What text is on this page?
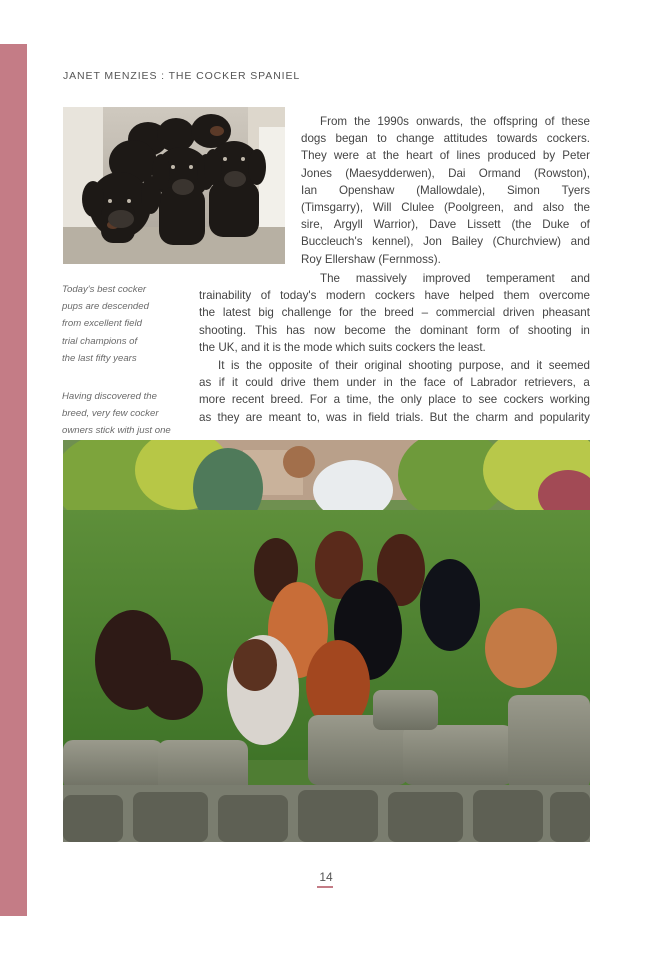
JANET MENZIES : THE COCKER SPANIEL
Today's best cocker
pups are descended
from excellent field
trial champions of
the last fifty years
Having discovered the
breed, very few cocker
owners stick with just one
From the 1990s onwards, the offspring of these
dogs began to change attitudes towards cockers.
They were at the heart of lines produced by Peter
Jones (Maesydderwen), Dai Ormand (Rowston),
Ian Openshaw (Mallowdale), Simon Tyers
(Timsgarry), Will Clulee (Poolgreen, and also the
sire, Argyll Warrior), Dave Lissett (the Duke of
Buccleuch's kennel), Jon Bailey (Churchview) and
Roy Ellershaw (Fernmoss).
The massively improved temperament and
trainability of today's modern cockers have helped them overcome
the latest big challenge for the breed – commercial driven pheasant
shooting. This has now become the dominant form of shooting in
the UK, and it is the mode which suits cockers the least.
It is the opposite of their original shooting purpose, and it seemed
as if it could drive them under in the face of Labrador retrievers, a
more recent breed. For a time, the only place to see cockers working
as they are meant to, was in field trials. But the charm and popularity
14
